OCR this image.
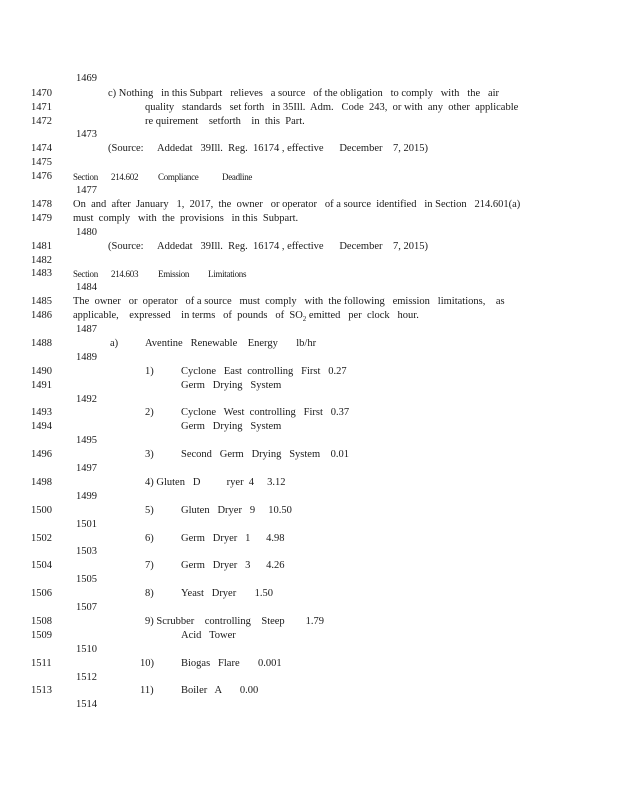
1469
1470
1471
1472
1473
1474
1475
1476
1477
1478
1479
1480
1481
1482
1483
1484
1485
1486
1487
1488
1489
1490
1491
1492
1493
1494
1495
1496
1497
1498
1499
1500
1501
1502
1503
1504
1505
1506
1507
1508
1509
1510
1511
1512
1513
1514
c) Nothing   in this Subpart   relieves   a source   of the obligation   to comply   with   the   air
quality   standards   set forth   in 35Ill.  Adm.   Code  243,  or with  any  other  applicable
re quirement    setforth    in  this  Part.
(Source: Addedat   39Ill.  Reg.  16174 , effective      December    7, 2015)
Section 214.602 Compliance	Deadline
On  and  after  January   1,  2017,  the  owner   or operator   of a source  identified   in Section   214.601(a)
must  comply   with  the  provisions   in this  Subpart.
(Source: Addedat   39Ill.  Reg.  16174 , effective      December    7, 2015)
Section 214.603 Emission Limitations
The  owner   or  operator   of a source   must  comply   with  the following   emission   limitations,    as
applicable,    expressed    in terms   of  pounds   of  $SO_2$ emitted   per  clock   hour.
a)	Aventine   Renewable    Energy       lb/hr
1)	Cyclone   East  controlling   First   0.27
Germ   Drying   System
2)	Cyclone   West  controlling   First   0.37
Germ   Drying   System
3)	Second   Germ   Drying   System    0.01
4) Gluten   D          ryer  4     3.12
5)	Gluten   Dryer   9     10.50
6)	Germ   Dryer   1      4.98
7)	Germ   Dryer   3      4.26
8)	Yeast   Dryer       1.50
9) Scrubber    controlling    Steep        1.79
Acid   Tower
10)	Biogas   Flare       0.001
11)	Boiler   A       0.00
